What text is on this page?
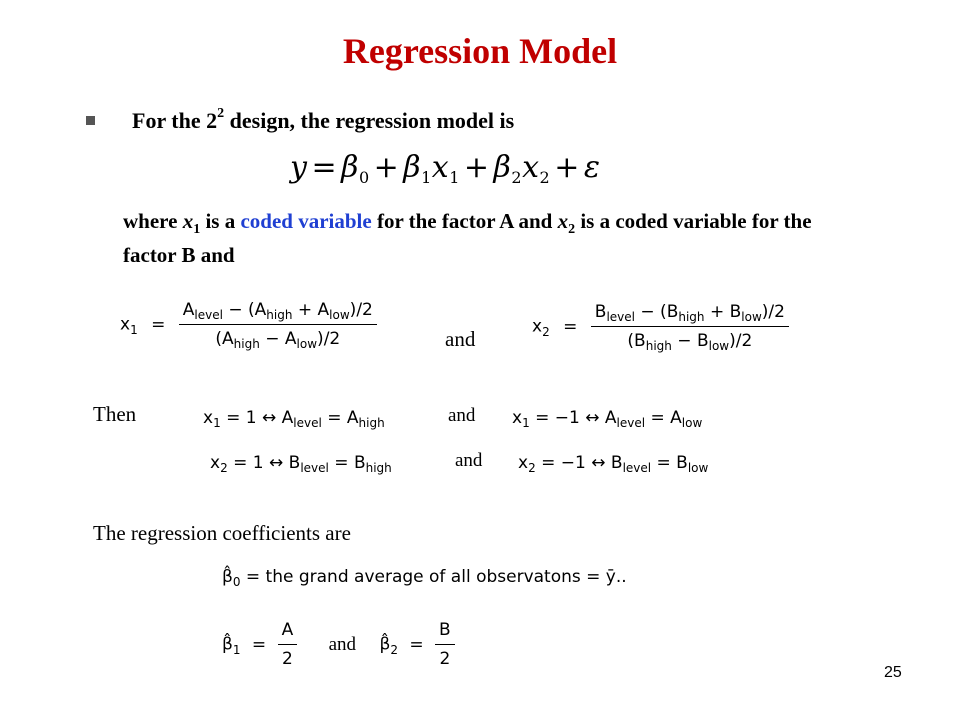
Regression Model
For the $2^2$ design, the regression model is
$y = \beta_0 + \beta_1x_1 + \beta_2x_2 + \varepsilon$
where $x_1$ is a coded variable for the factor A and $x_2$ is a coded variable for the factor B and
$x_1 = \frac{A_{level} - (A_{high} + A_{low})/2}{(A_{high} - A_{low})/2}$	and
$x_2 = \frac{B_{level} - (B_{high} + B_{low})/2}{(B_{high} - B_{low})/2}$
Then	$x_1 = 1$ ↔ $A_{level} = A_{high}$	and $x_1 = -1$ ↔ $A_{level} = A_{low}$
$x_2 = 1$ ↔ $B_{level} = B_{high}$	and $x_2 = -1$ ↔ $B_{level} = B_{low}$
The regression coefficients are
$\betâ_0$ = the grand average of all observatons = ȳ..
$\betâ_1 = \frac{A}{2}$ and $\betâ_2 = \frac{B}{2}$
25
